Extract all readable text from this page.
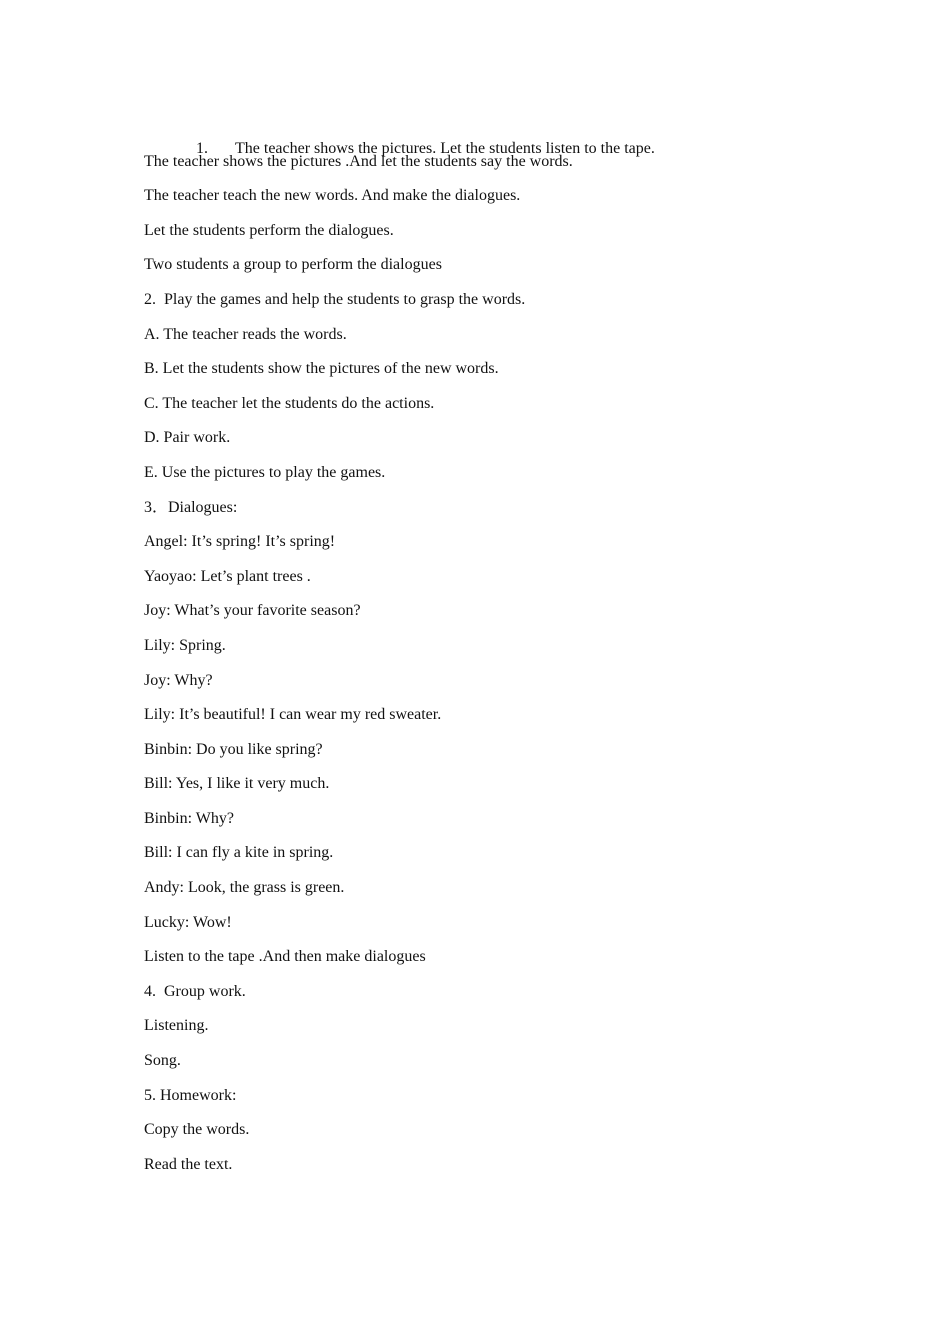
1. The teacher shows the pictures. Let the students listen to the tape.

The teacher shows the pictures .And let the students say the words.
The teacher teach the new words. And make the dialogues.
Let the students perform the dialogues.
Two students a group to perform the dialogues
2.  Play the games and help the students to grasp the words.
A. The teacher reads the words.
B. Let the students show the pictures of the new words.
C. The teacher let the students do the actions.
D. Pair work.
E. Use the pictures to play the games.
3．Dialogues:
Angel: It’s spring! It’s spring!
Yaoyao: Let’s plant trees .
Joy: What’s your favorite season?
Lily: Spring.
Joy: Why?
Lily: It’s beautiful! I can wear my red sweater.
Binbin: Do you like spring?
Bill: Yes, I like it very much.
Binbin: Why?
Bill: I can fly a kite in spring.
Andy: Look, the grass is green.
Lucky: Wow!
Listen to the tape .And then make dialogues
4.  Group work.
Listening.
Song.
5. Homework:
Copy the words.
Read the text.
